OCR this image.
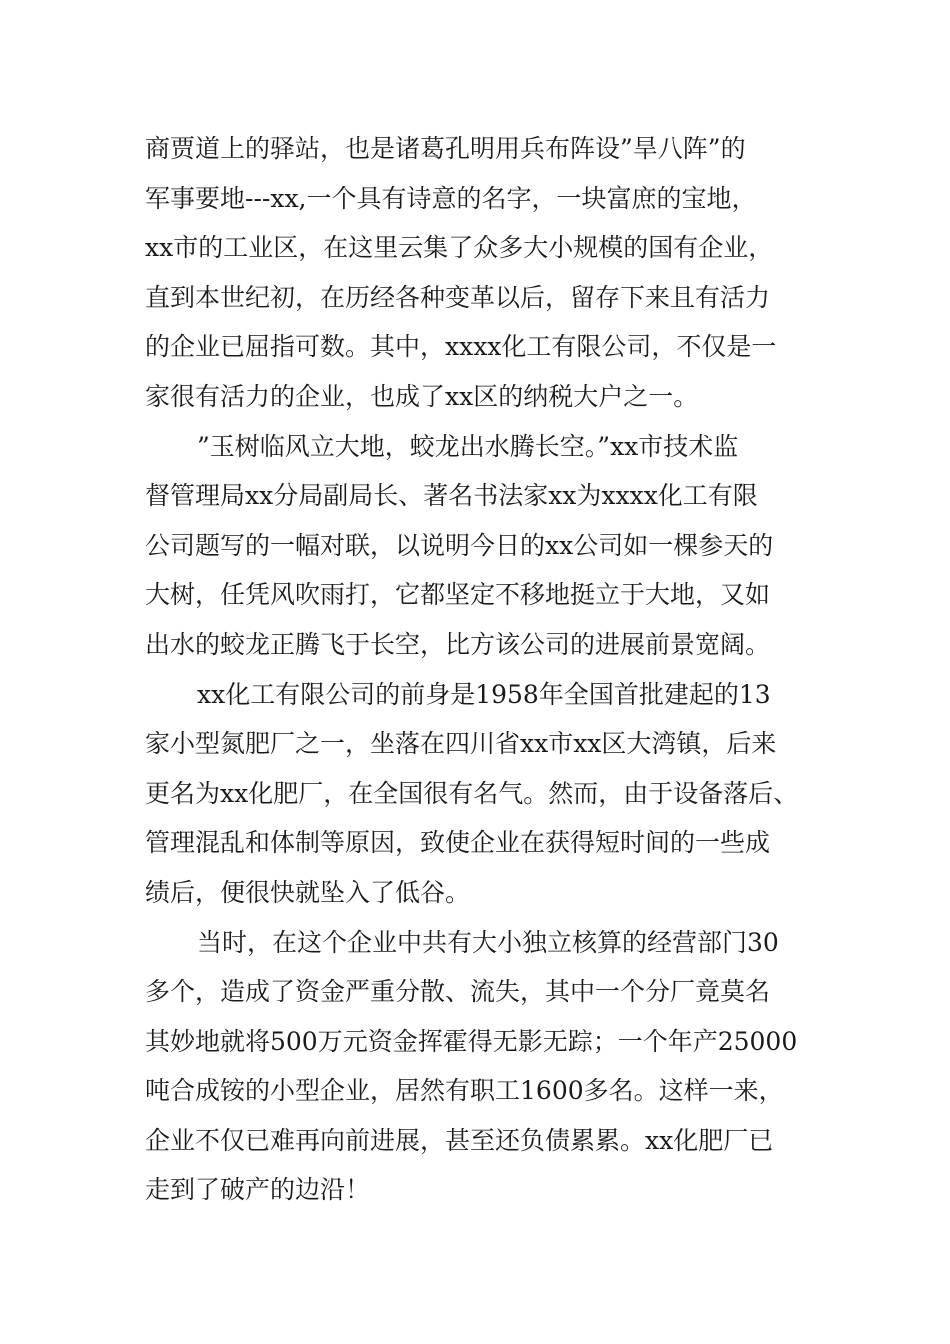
商贾道上的驿站，也是诸葛孔明用兵布阵设”旱八阵”的
军事要地---xx,一个具有诗意的名字，一块富庶的宝地，
xx市的工业区，在这里云集了众多大小规模的国有企业，
直到本世纪初，在历经各种变革以后，留存下来且有活力
的企业已屈指可数。其中，xxxx化工有限公司，不仅是一
家很有活力的企业，也成了xx区的纳税大户之一。
”玉树临风立大地，蛟龙出水腾长空。”xx市技术监
督管理局xx分局副局长、著名书法家xx为xxxx化工有限
公司题写的一幅对联，以说明今日的xx公司如一棵参天的
大树，任凭风吹雨打，它都坚定不移地挺立于大地，又如
出水的蛟龙正腾飞于长空，比方该公司的进展前景宽阔。
xx化工有限公司的前身是1958年全国首批建起的13
家小型氮肥厂之一，坐落在四川省xx市xx区大湾镇，后来
更名为xx化肥厂，在全国很有名气。然而，由于设备落后、
管理混乱和体制等原因，致使企业在获得短时间的一些成
绩后，便很快就坠入了低谷。
当时，在这个企业中共有大小独立核算的经营部门30
多个，造成了资金严重分散、流失，其中一个分厂竟莫名
其妙地就将500万元资金挥霍得无影无踪；一个年产25000
吨合成铵的小型企业，居然有职工1600多名。这样一来，
企业不仅已难再向前进展，甚至还负债累累。xx化肥厂已
走到了破产的边沿！
